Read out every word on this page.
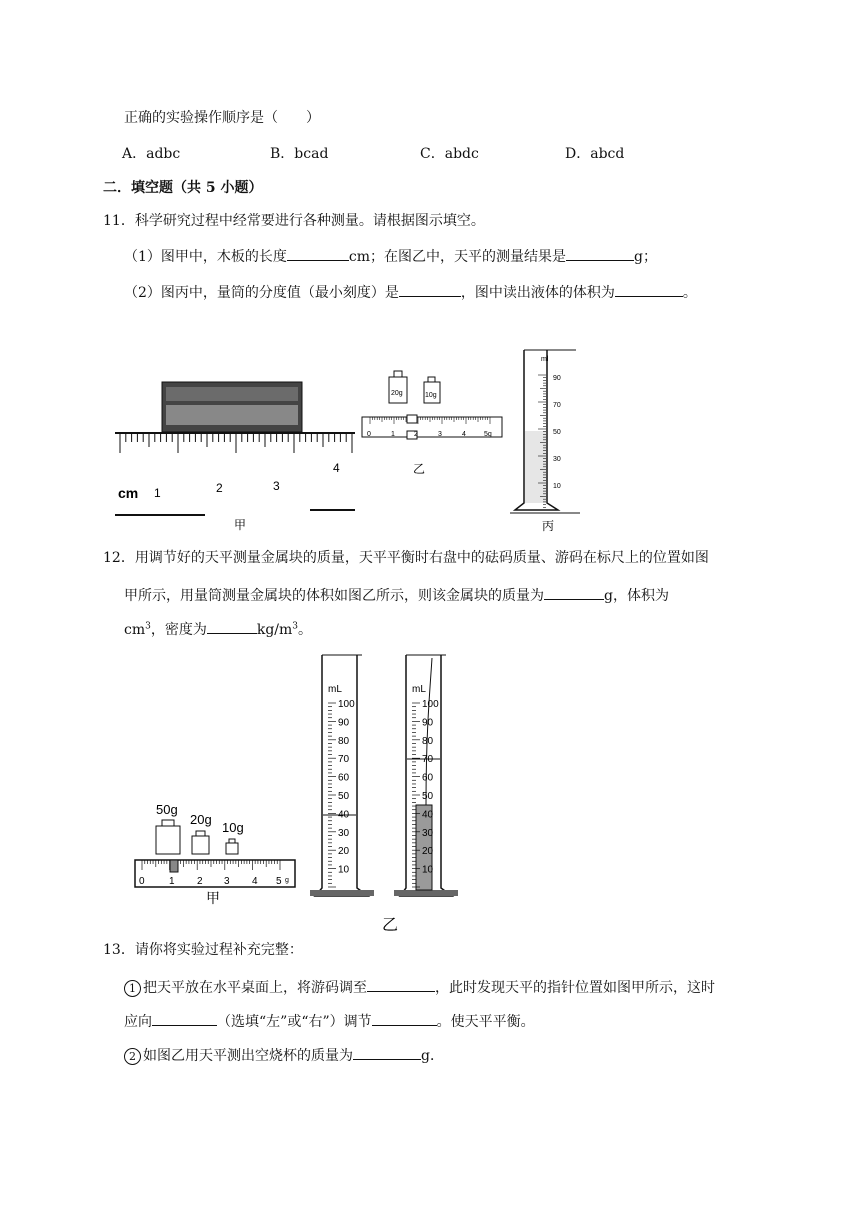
正确的实验操作顺序是（　　）
A．adbc	B．bcad	C．abdc	D．abcd
二．填空题（共 5 小题）
11．科学研究过程中经常要进行各种测量。请根据图示填空。
（1）图甲中，木板的长度	cm；在图乙中，天平的测量结果是	g；
（2）图丙中，量筒的分度值（最小刻度）是	，图中读出液体的体积为	。
cm 1	2	3
4
甲
20g	10g
0	1	2	3	4	5g
乙
ml
90
70
50
30
10
丙
12．用调节好的天平测量金属块的质量，天平平衡时右盘中的砝码质量、游码在标尺上的位置如图
甲所示，用量筒测量金属块的体积如图乙所示，则该金属块的质量为	g，体积为
$cm^3$，密度为	$kg/m^3$。
50g
20g
10g
0 1 2 3 4 5 g
甲
mL
100
90
80
70
60
50
40
30
20
10
mL
100
90
80
70
60
50
40
30
20
10
乙
13．请你将实验过程补充完整：
1 把天平放在水平桌面上，将游码调至	，此时发现天平的指针位置如图甲所示，这时
应向	（选填“左”或“右”）调节	。使天平平衡。
2 如图乙用天平测出空烧杯的质量为	g．
